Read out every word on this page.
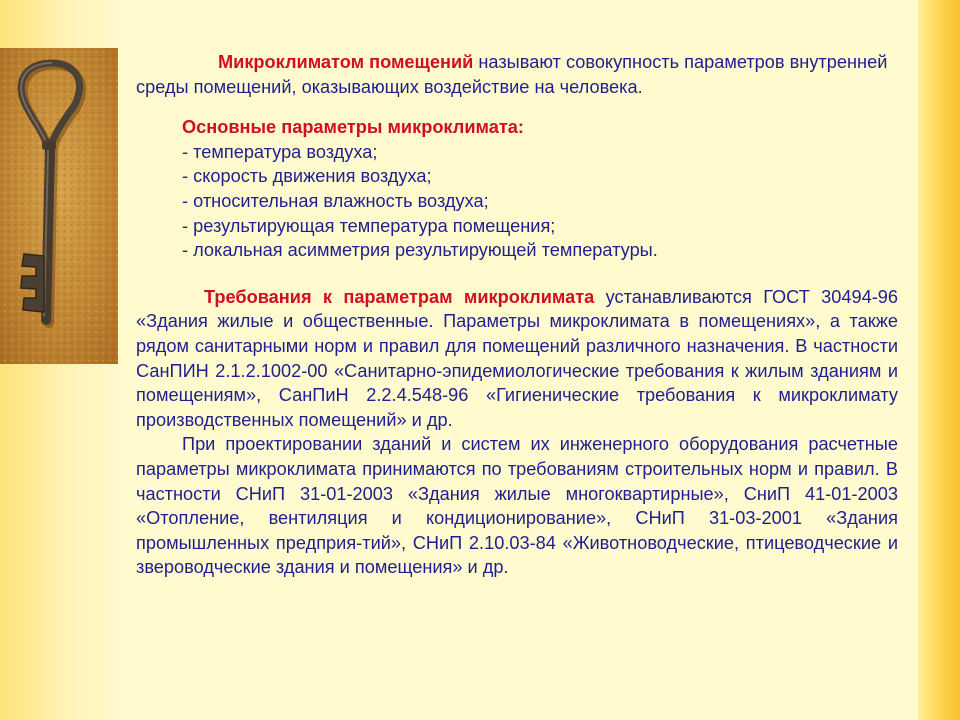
Микроклиматом помещений называют совокупность параметров внутренней среды помещений, оказывающих воздействие на человека.

Основные параметры микроклимата:

- температура воздуха;

- скорость движения воздуха;

- относительная влажность воздуха;

- результирующая температура помещения;

- локальная асимметрия результирующей температуры.

Требования к параметрам микроклимата устанавливаются ГОСТ 30494-96 «Здания жилые и общественные. Параметры микроклимата в помещениях», а также рядом санитарными норм и правил для помещений различного назначения. В частности СанПИН 2.1.2.1002-00 «Санитарно-эпидемиологические требования к жилым зданиям и помещениям», СанПиН 2.2.4.548-96 «Гигиенические требования к микроклимату производственных помещений» и др.

При проектировании зданий и систем их инженерного оборудования расчетные параметры микроклимата принимаются по требованиям строительных норм и правил. В частности СНиП 31-01-2003 «Здания жилые многоквартирные», СниП 41-01-2003 «Отопление, вентиляция и кондиционирование», СНиП 31-03-2001 «Здания промышленных предприя-тий», СНиП 2.10.03-84 «Животноводческие, птицеводческие и звероводческие здания и помещения» и др.
